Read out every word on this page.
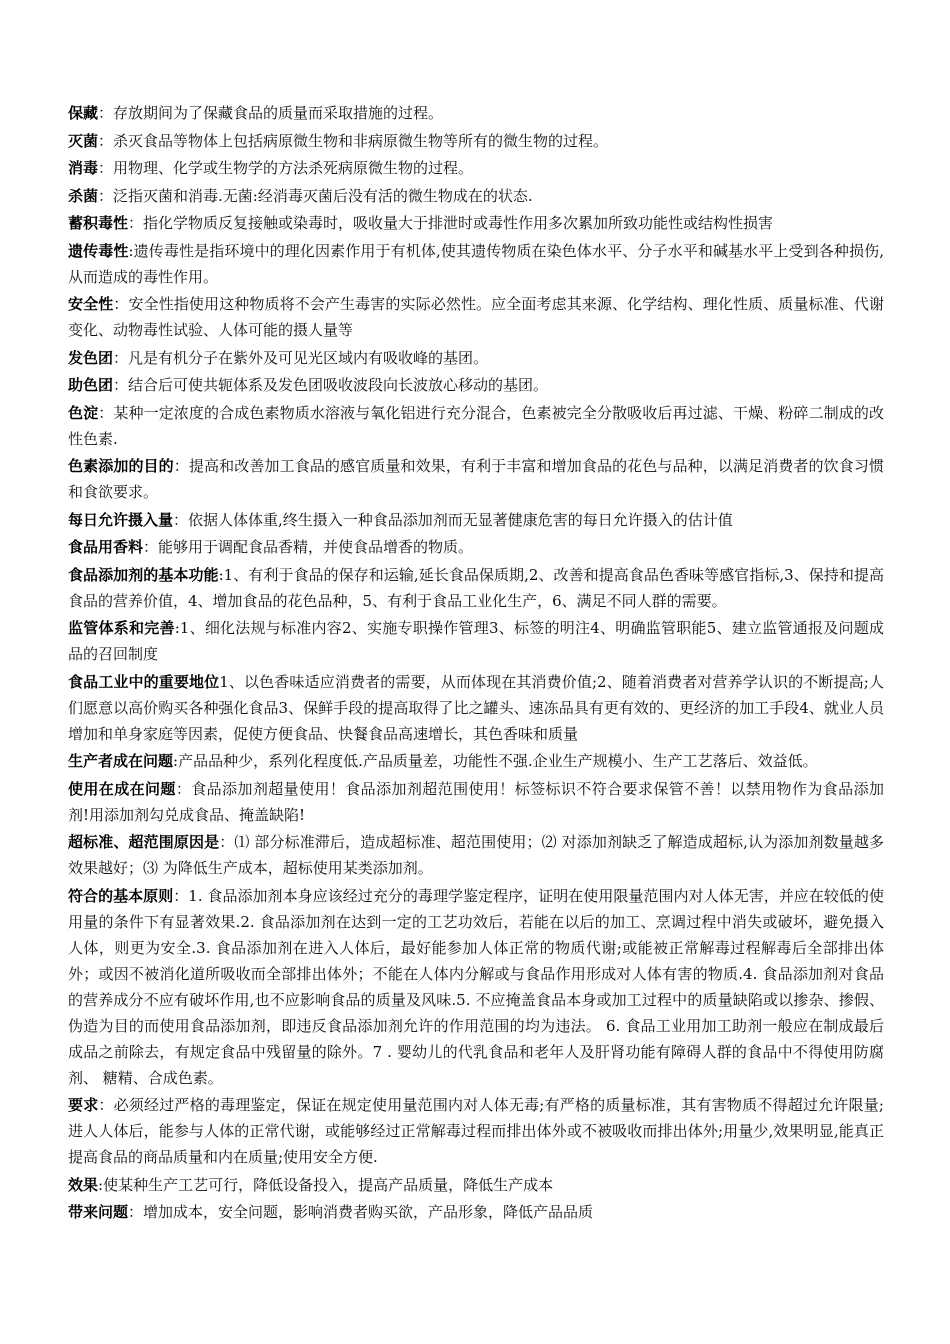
保藏：存放期间为了保藏食品的质量而采取措施的过程。

灭菌：杀灭食品等物体上包括病原微生物和非病原微生物等所有的微生物的过程。

消毒：用物理、化学或生物学的方法杀死病原微生物的过程。

杀菌：泛指灭菌和消毒.无菌:经消毒灭菌后没有活的微生物成在的状态.

蓄积毒性：指化学物质反复接触或染毒时，吸收量大于排泄时或毒性作用多次累加所致功能性或结构性损害

遗传毒性:遗传毒性是指环境中的理化因素作用于有机体,使其遗传物质在染色体水平、分子水平和碱基水平上受到各种损伤,从而造成的毒性作用。

安全性：安全性指使用这种物质将不会产生毒害的实际必然性。应全面考虑其来源、化学结构、理化性质、质量标准、代谢变化、动物毒性试验、人体可能的摄人量等

发色团：凡是有机分子在紫外及可见光区域内有吸收峰的基团。

助色团：结合后可使共轭体系及发色团吸收波段向长波放心移动的基团。

色淀：某种一定浓度的合成色素物质水溶液与氧化铝进行充分混合，色素被完全分散吸收后再过滤、干燥、粉碎二制成的改性色素.

色素添加的目的：提高和改善加工食品的感官质量和效果，有利于丰富和增加食品的花色与品种，以满足消费者的饮食习惯和食欲要求。

每日允许摄入量：依据人体体重,终生摄入一种食品添加剂而无显著健康危害的每日允许摄入的估计值

食品用香料：能够用于调配食品香精，并使食品增香的物质。

食品添加剂的基本功能:1、有利于食品的保存和运输,延长食品保质期,2、改善和提高食品色香味等感官指标,3、保持和提高食品的营养价值，4、增加食品的花色品种，5、有利于食品工业化生产，6、满足不同人群的需要。

监管体系和完善:1、细化法规与标准内容2、实施专职操作管理3、标签的明注4、明确监管职能5、建立监管通报及问题成品的召回制度

食品工业中的重要地位1、以色香味适应消费者的需要，从而体现在其消费价值;2、随着消费者对营养学认识的不断提高;人们愿意以高价购买各种强化食品3、保鲜手段的提高取得了比之罐头、速冻品具有更有效的、更经济的加工手段4、就业人员增加和单身家庭等因素，促使方便食品、快餐食品高速增长，其色香味和质量

生产者成在问题:产品品种少，系列化程度低.产品质量差，功能性不强.企业生产规模小、生产工艺落后、效益低。

使用在成在问题：食品添加剂超量使用！食品添加剂超范围使用！标签标识不符合要求保管不善！以禁用物作为食品添加剂!用添加剂勾兑成食品、掩盖缺陷!

超标准、超范围原因是：⑴ 部分标准滞后，造成超标准、超范围使用；⑵ 对添加剂缺乏了解造成超标,认为添加剂数量越多效果越好；⑶ 为降低生产成本，超标使用某类添加剂。

符合的基本原则：1. 食品添加剂本身应该经过充分的毒理学鉴定程序，证明在使用限量范围内对人体无害，并应在较低的使用量的条件下有显著效果.2. 食品添加剂在达到一定的工艺功效后，若能在以后的加工、烹调过程中消失或破坏，避免摄入人体，则更为安全.3. 食品添加剂在进入人体后，最好能参加人体正常的物质代谢;或能被正常解毒过程解毒后全部排出体外；或因不被消化道所吸收而全部排出体外；不能在人体内分解或与食品作用形成对人体有害的物质.4. 食品添加剂对食品的营养成分不应有破坏作用,也不应影响食品的质量及风味.5. 不应掩盖食品本身或加工过程中的质量缺陷或以掺杂、掺假、伪造为目的而使用食品添加剂，即违反食品添加剂允许的作用范围的均为违法。 6. 食品工业用加工助剂一般应在制成最后成品之前除去，有规定食品中残留量的除外。7 . 婴幼儿的代乳食品和老年人及肝肾功能有障碍人群的食品中不得使用防腐剂、 糖精、合成色素。

要求：必须经过严格的毒理鉴定，保证在规定使用量范围内对人体无毒;有严格的质量标准，其有害物质不得超过允许限量;进人人体后，能参与人体的正常代谢，或能够经过正常解毒过程而排出体外或不被吸收而排出体外;用量少,效果明显,能真正提高食品的商品质量和内在质量;使用安全方便.

效果:使某种生产工艺可行，降低设备投入，提高产品质量，降低生产成本

带来问题：增加成本，安全问题，影响消费者购买欲，产品形象，降低产品品质
